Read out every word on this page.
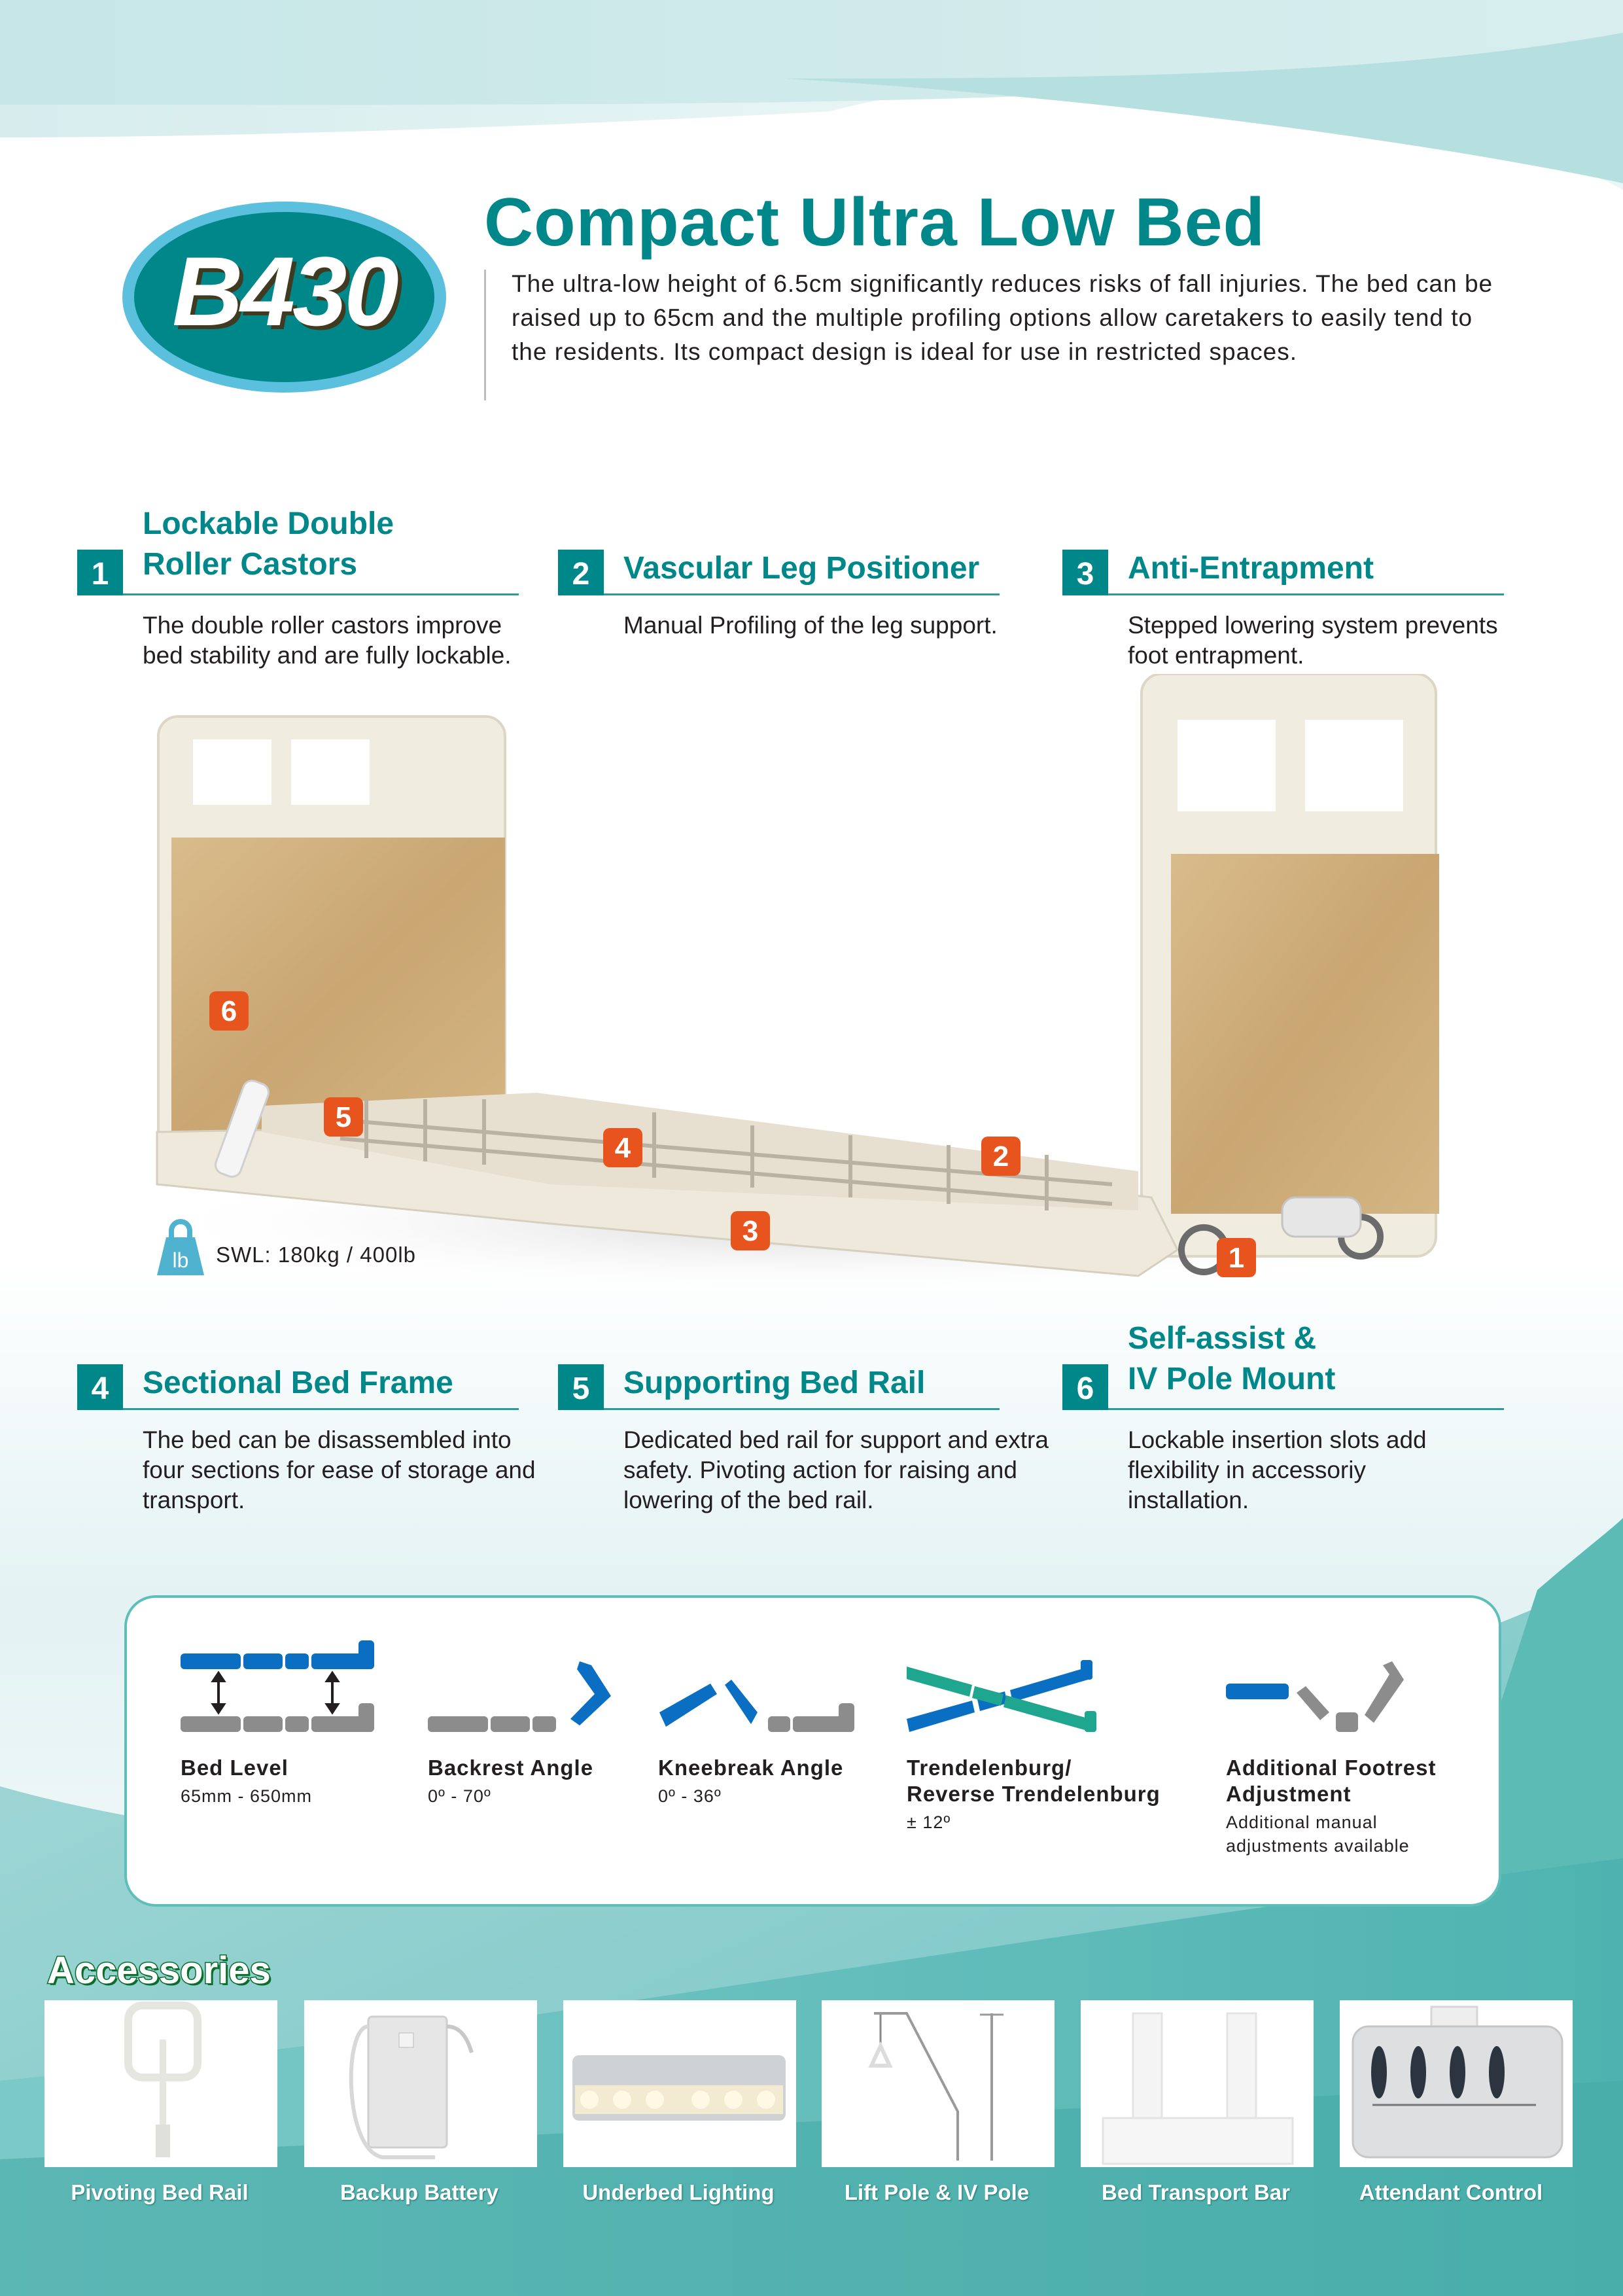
B430
Compact Ultra Low Bed

The ultra-low height of 6.5cm significantly reduces risks of fall injuries. The bed can be raised up to 65cm and the multiple profiling options allow caretakers to easily tend to the residents. Its compact design is ideal for use in restricted spaces.

1
Lockable Double
Roller Castors
The double roller castors improve bed stability and are fully lockable.
2	Vascular Leg Positioner
Manual Profiling of the leg support.
3	Anti-Entrapment
Stepped lowering system prevents foot entrapment.
6
5
4	2
3
1
lb SWL: 180kg / 400lb
4	Sectional Bed Frame
The bed can be disassembled into four sections for ease of storage and transport.
5	Supporting Bed Rail
Dedicated bed rail for support and extra safety. Pivoting action for raising and lowering of the bed rail.
6
Self-assist &
IV Pole Mount
Lockable insertion slots add flexibility in accessoriy installation.
Bed Level
65mm - 650mm
Backrest Angle
0º - 70º
Kneebreak Angle
0º - 36º
Trendelenburg/
Reverse Trendelenburg
± 12º
Additional Footrest
Adjustment
Additional manual
adjustments available
Accessories
Pivoting Bed Rail	Backup Battery	Underbed Lighting	Lift Pole & IV Pole	Bed Transport Bar	Attendant Control
